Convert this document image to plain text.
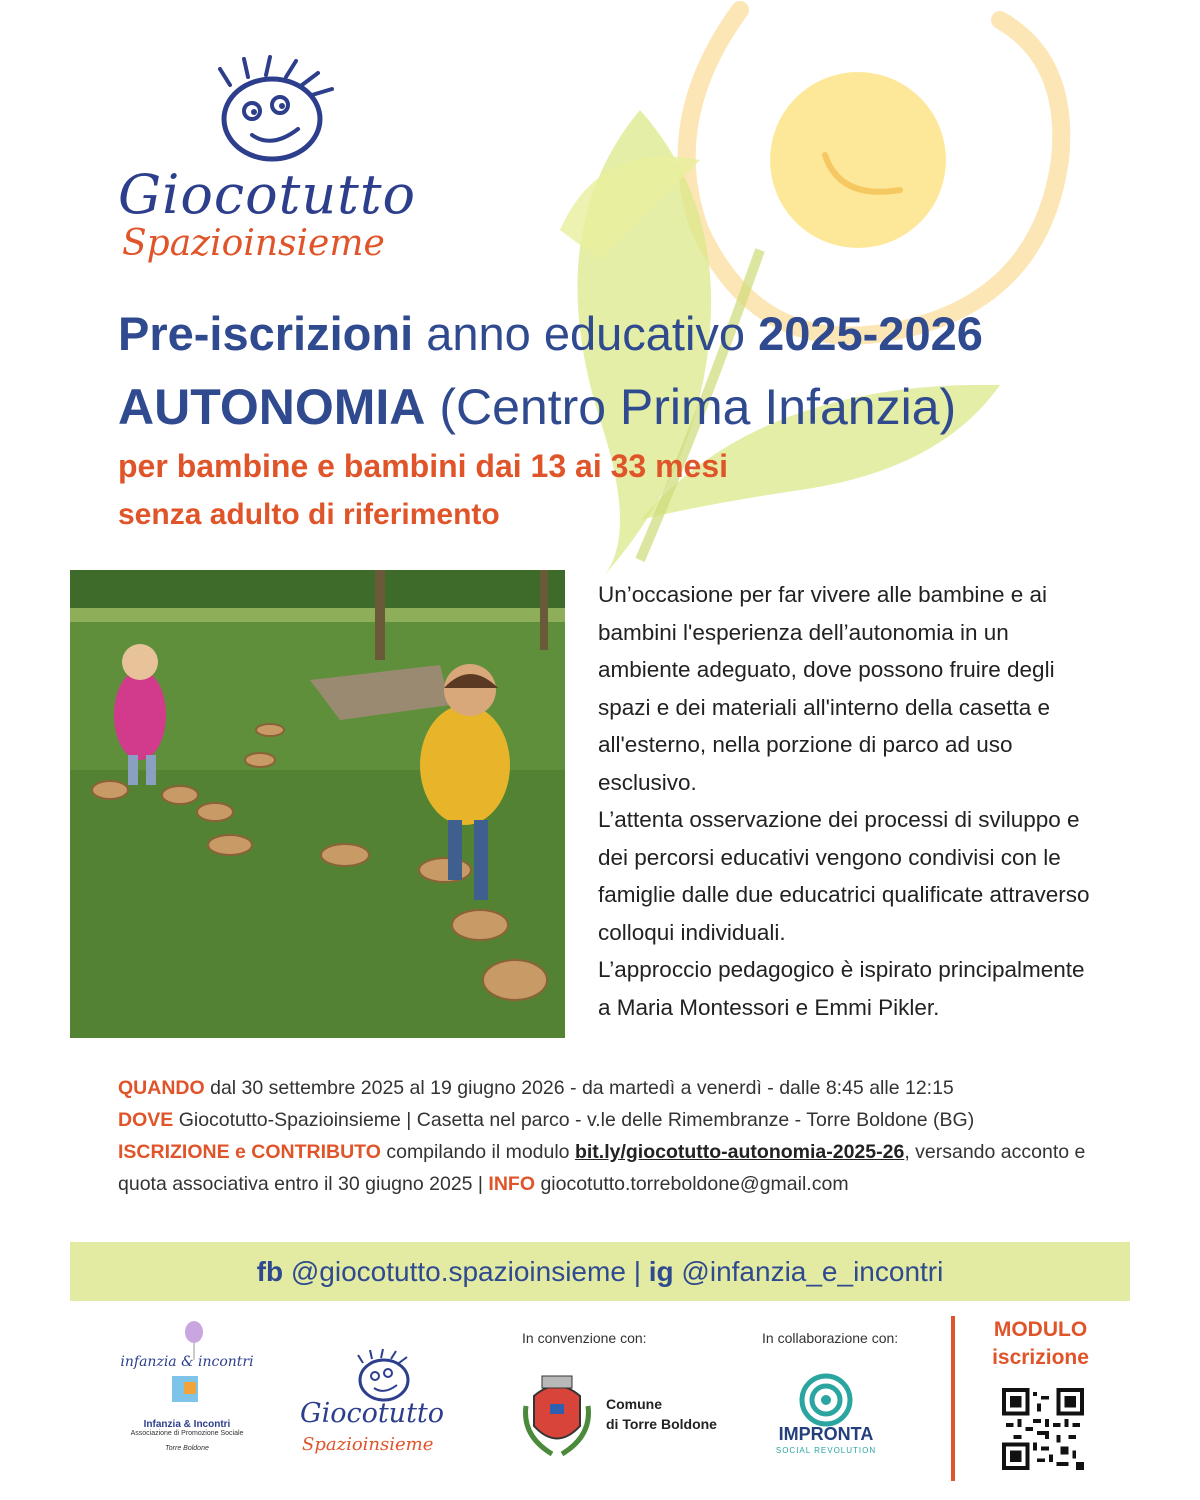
Giocotutto
Spazioinsieme
Pre-iscrizioni anno educativo 2025-2026
AUTONOMIA (Centro Prima Infanzia)
per bambine e bambini dai 13 ai 33 mesi
senza adulto di riferimento

Un’occasione per far vivere alle bambine e ai bambini l'esperienza dell’autonomia in un ambiente adeguato, dove possono fruire degli spazi e dei materiali all'interno della casetta e all'esterno, nella porzione di parco ad uso esclusivo.

L’attenta osservazione dei processi di sviluppo e dei percorsi educativi vengono condivisi con le famiglie dalle due educatrici qualificate attraverso colloqui individuali.

L’approccio pedagogico è ispirato principalmente a Maria Montessori e Emmi Pikler.

QUANDO dal 30 settembre 2025 al 19 giugno 2026 - da martedì a venerdì - dalle 8:45 alle 12:15
DOVE Giocotutto-Spazioinsieme | Casetta nel parco - v.le delle Rimembranze - Torre Boldone (BG)
ISCRIZIONE e CONTRIBUTO compilando il modulo bit.ly/giocotutto-autonomia-2025-26, versando acconto e quota associativa entro il 30 giugno 2025 | INFO giocotutto.torreboldone@gmail.com
fb
@giocotutto.spazioinsieme
|
ig
@infanzia_e_incontri
infanzia & incontri
Infanzia & Incontri
Associazione di Promozione Sociale
Torre Boldone
Giocotutto
Spazioinsieme
In convenzione con:
Comune
di Torre Boldone
In collaborazione con:
IMPRONTA
SOCIAL REVOLUTION
MODULO
iscrizione
